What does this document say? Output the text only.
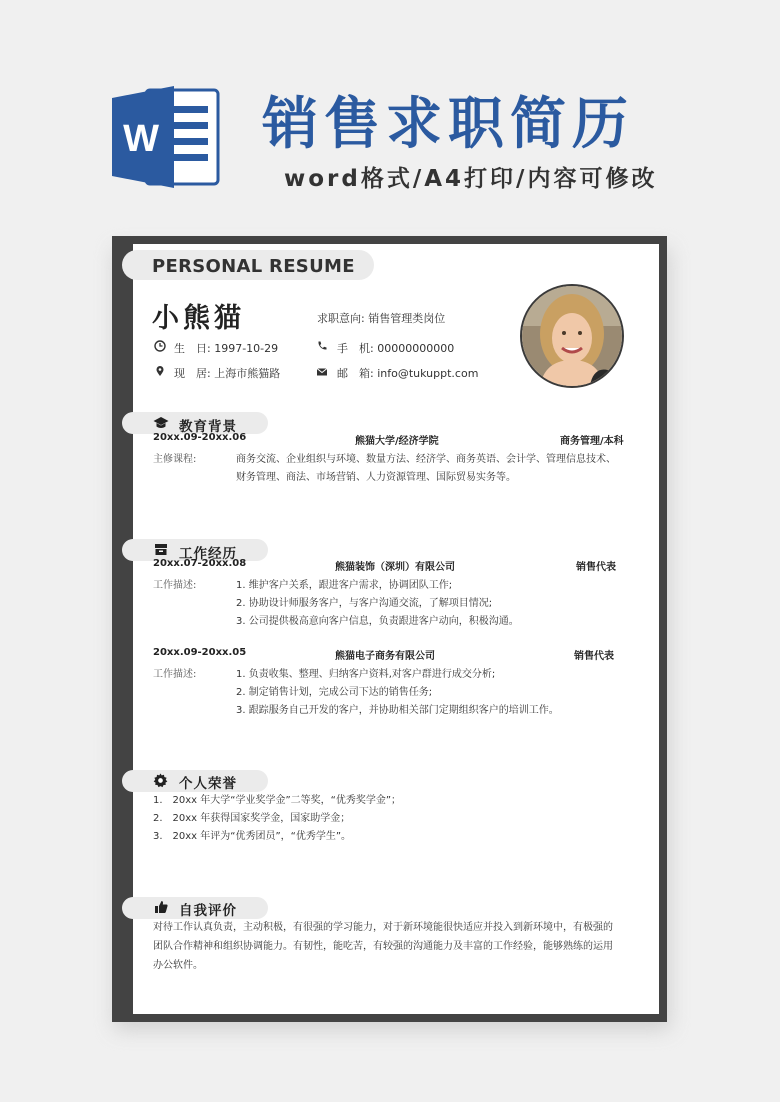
W 销售求职简历
word格式/A4打印/内容可修改
PERSONAL RESUME
小熊猫	求职意向: 销售管理类岗位
生　日: 1997-10-29	手　机: 00000000000
现　居: 上海市熊猫路	邮　箱: info@tukuppt.com
教育背景
20xx.09-20xx.06	熊猫大学/经济学院	商务管理/本科
主修课程:	商务交流、企业组织与环境、数量方法、经济学、商务英语、会计学、管理信息技术、
财务管理、商法、市场营销、人力资源管理、国际贸易实务等。
工作经历
20xx.07-20xx.08	熊猫装饰（深圳）有限公司	销售代表
工作描述:	1. 维护客户关系，跟进客户需求，协调团队工作;
2. 协助设计师服务客户，与客户沟通交流，了解项目情况;
3. 公司提供极高意向客户信息，负责跟进客户动向，积极沟通。
20xx.09-20xx.05	熊猫电子商务有限公司	销售代表
工作描述:	1. 负责收集、整理、归纳客户资料,对客户群进行成交分析;
2. 制定销售计划，完成公司下达的销售任务;
3. 跟踪服务自己开发的客户，并协助相关部门定期组织客户的培训工作。
个人荣誉
1.　20xx 年大学“学业奖学金”二等奖，“优秀奖学金”；
2.　20xx 年获得国家奖学金，国家助学金；
3.　20xx 年评为“优秀团员”，“优秀学生”。
自我评价
对待工作认真负责，主动积极，有很强的学习能力，对于新环境能很快适应并投入到新环境中，有极强的
团队合作精神和组织协调能力。有韧性，能吃苦，有较强的沟通能力及丰富的工作经验，能够熟练的运用
办公软件。
